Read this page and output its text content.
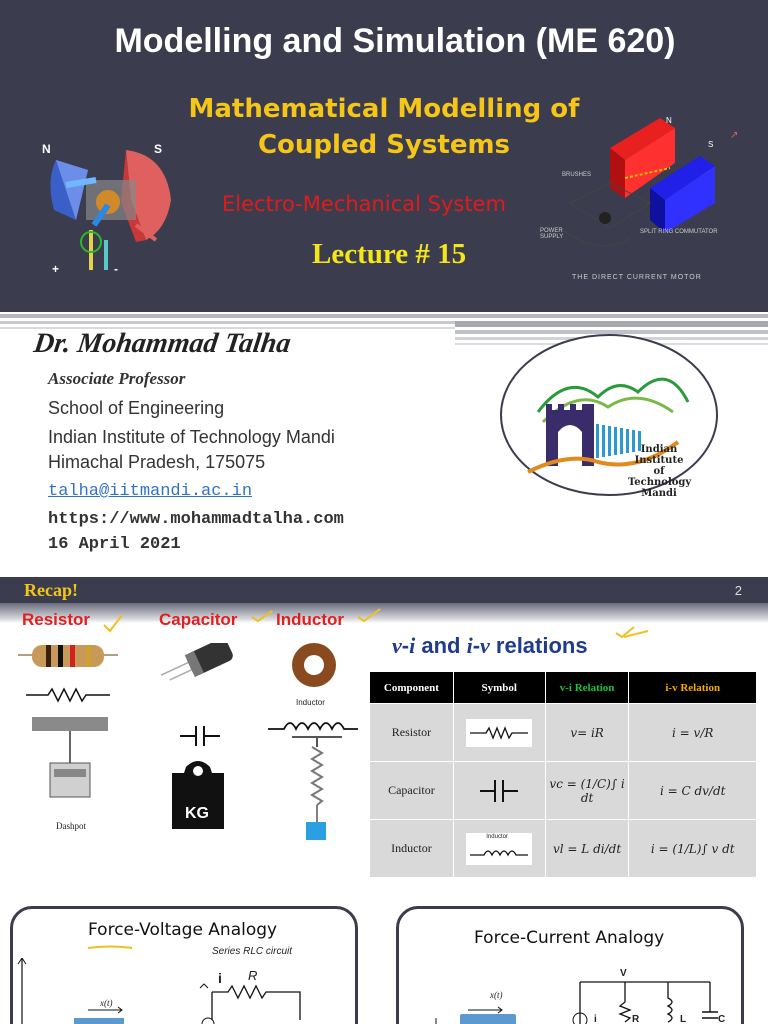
N	S
+	-
↗
BRUSHES
POWER SUPPLY
SPLIT RING COMMUTATOR
THE DIRECT CURRENT MOTOR
N
S
Modelling and Simulation (ME 620)
Mathematical Modelling of
Coupled Systems
Electro-Mechanical System
Lecture # 15
Dr. Mohammad Talha
Associate Professor
School of Engineering
Indian Institute of Technology Mandi
Himachal Pradesh, 175075
talha@iitmandi.ac.in
https://www.mohammadtalha.com
16 April 2021
Indian
Institute of
Technology
Mandi
Recap!	2
Resistor	Capacitor Inductor
Dashpot
KG
Inductor
v-i and i-v relations
Component	Symbol	v-i Relation	i-v Relation
Resistor		v= iR	i = v/R
Capacitor		vc = (1/C)∫ i dt	i = C dv/dt
Inductor	Inductor	vl = L di/dt	i = (1/L)∫ v dt
Force-Voltage Analogy
Series RLC circuit
x(t)
i R
Force-Current Analogy
x(t)
V
i	R	L	C
